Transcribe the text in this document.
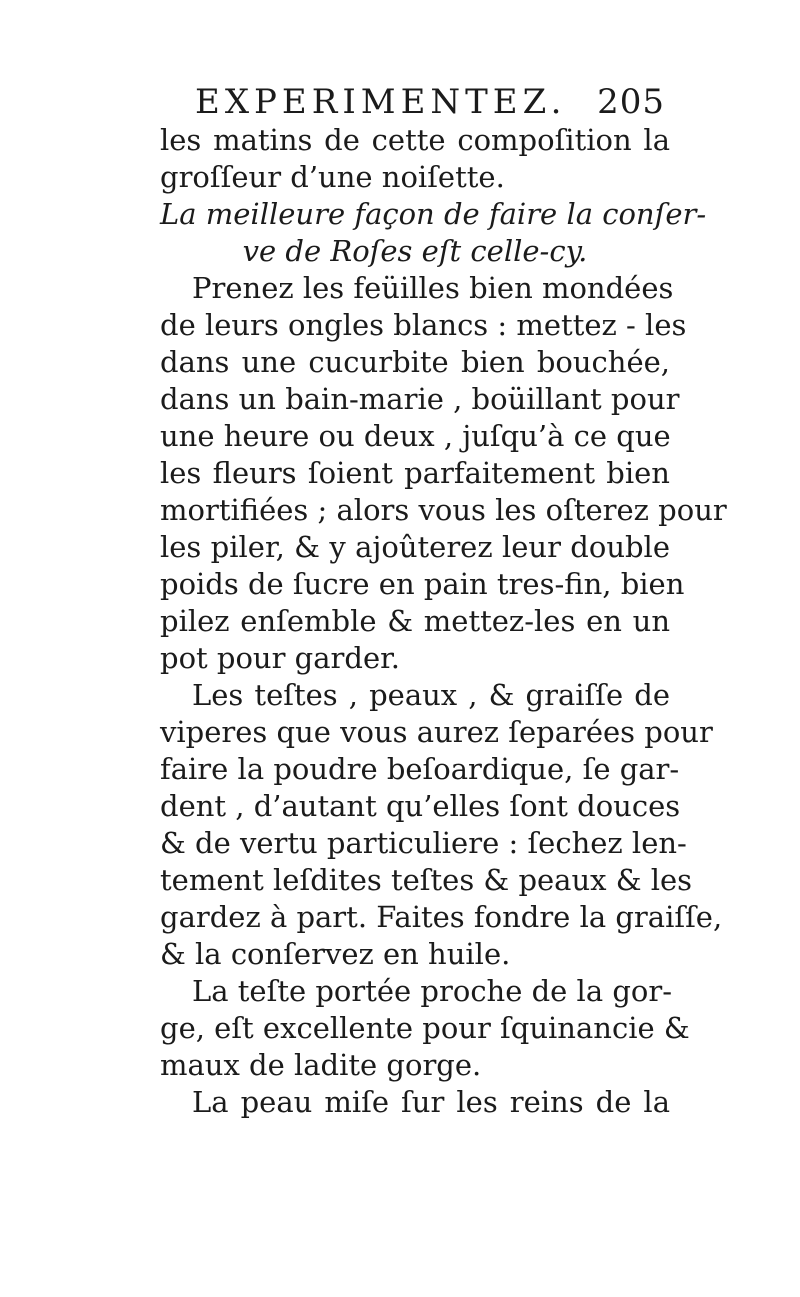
EXPERIMENTEZ. 205
les matins de cette compoſition la
groſſeur d’une noiſette.
La meilleure façon de faire la conſer-
ve de Roſes eſt celle-cy.
Prenez les feüilles bien mondées
de leurs ongles blancs : mettez - les
dans une cucurbite bien bouchée,
dans un bain-marie , boüillant pour
une heure ou deux , juſqu’à ce que
les fleurs ſoient parfaitement bien
mortifiées ; alors vous les oſterez pour
les piler, & y ajoûterez leur double
poids de ſucre en pain tres-fin, bien
pilez enſemble & mettez-les en un
pot pour garder.
Les teſtes , peaux , & graiſſe de
viperes que vous aurez ſeparées pour
faire la poudre beſoardique, ſe gar-
dent , d’autant qu’elles ſont douces
& de vertu particuliere : ſechez len-
tement leſdites teſtes & peaux & les
gardez à part. Faites fondre la graiſſe,
& la conſervez en huile.
La teſte portée proche de la gor-
ge, eſt excellente pour ſquinancie &
maux de ladite gorge.
La peau miſe ſur les reins de la
